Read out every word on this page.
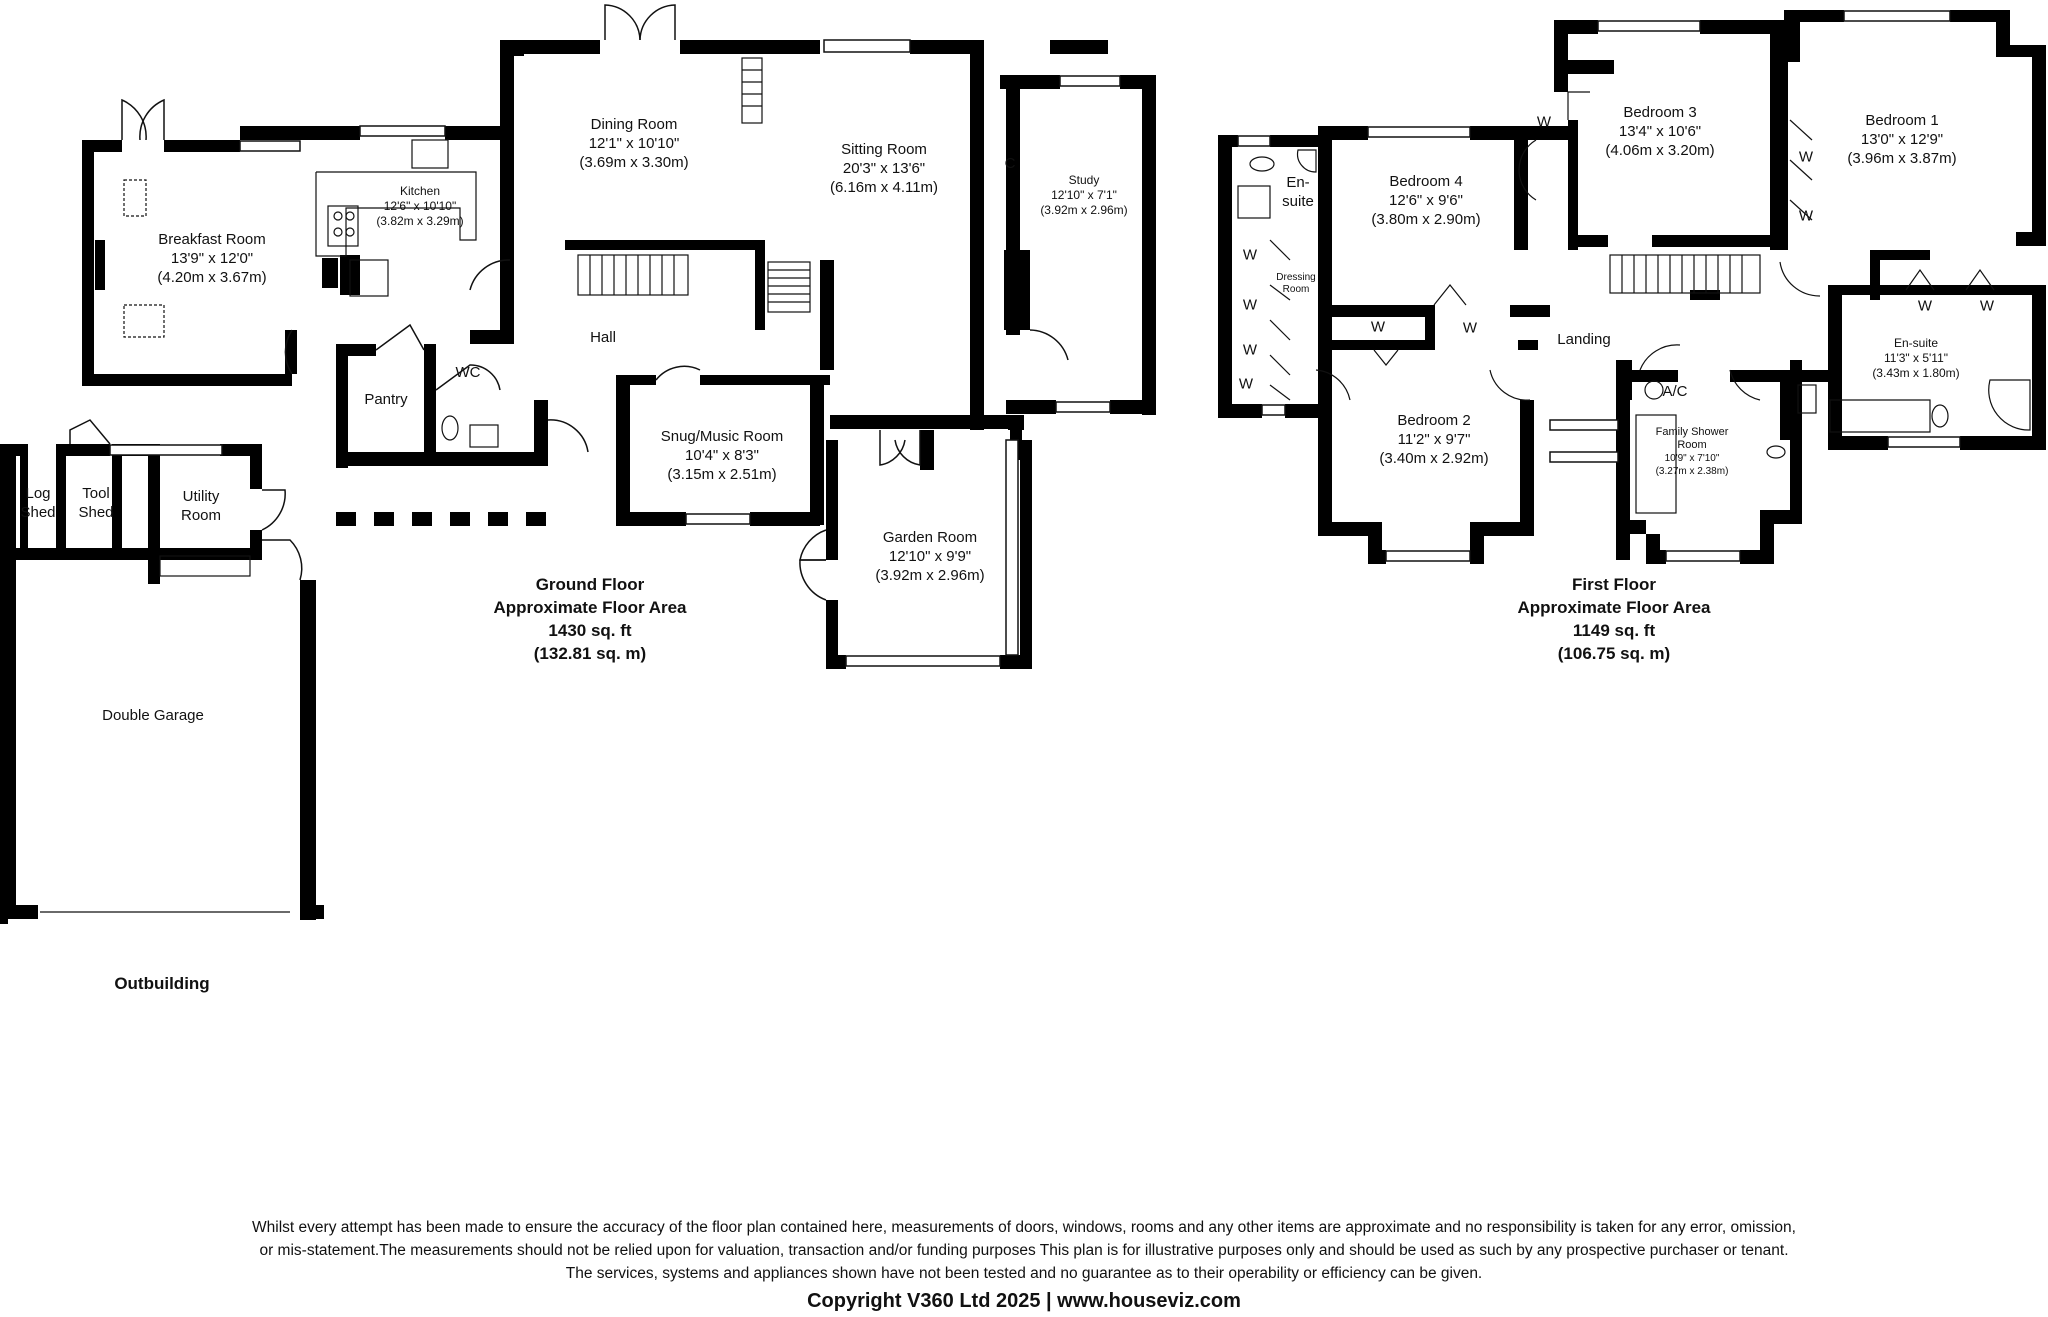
Breakfast Room
13'9" x 12'0"
(4.20m x 3.67m)
Kitchen
12'6" x 10'10"
(3.82m x 3.29m)
Dining Room
12'1" x 10'10"
(3.69m x 3.30m)
Sitting Room
20'3" x 13'6"
(6.16m x 4.11m)	Study
12'10" x 7'1"
(3.92m x 2.96m)
Snug/Music Room
10'4" x 8'3"
(3.15m x 2.51m)
Garden Room
12'10" x 9'9"
(3.92m x 2.96m)
Hall
Pantry
WC
C
Log
Shed
Tool
Shed
Utility
Room
Double Garage
Outbuilding
Ground Floor
Approximate Floor Area
1430 sq. ft
(132.81 sq. m)
Bedroom 4
12'6" x 9'6"
(3.80m x 2.90m)
Bedroom 3
13'4" x 10'6"
(4.06m x 3.20m)
Bedroom 1
13'0" x 12'9"
(3.96m x 3.87m)
Bedroom 2
11'2" x 9'7"
(3.40m x 2.92m)
En-suite
11'3" x 5'11"
(3.43m x 1.80m)
Family Shower
Room
10'9" x 7'10"
(3.27m x 2.38m)
Landing
A/C
En-
suite
Dressing
Room
W
W
W
W	W
W
W
W
W
W	W
First Floor
Approximate Floor Area
1149 sq. ft
(106.75 sq. m)
Whilst every attempt has been made to ensure the accuracy of the floor plan contained here, measurements of doors, windows, rooms and any other items are approximate and no responsibility is taken for any error, omission,
or mis-statement.The measurements should not be relied upon for valuation, transaction and/or funding purposes This plan is for illustrative purposes only and should be used as such by any prospective purchaser or tenant.
The services, systems and appliances shown have not been tested and no guarantee as to their operability or efficiency can be given.
Copyright V360 Ltd 2025 | www.houseviz.com
